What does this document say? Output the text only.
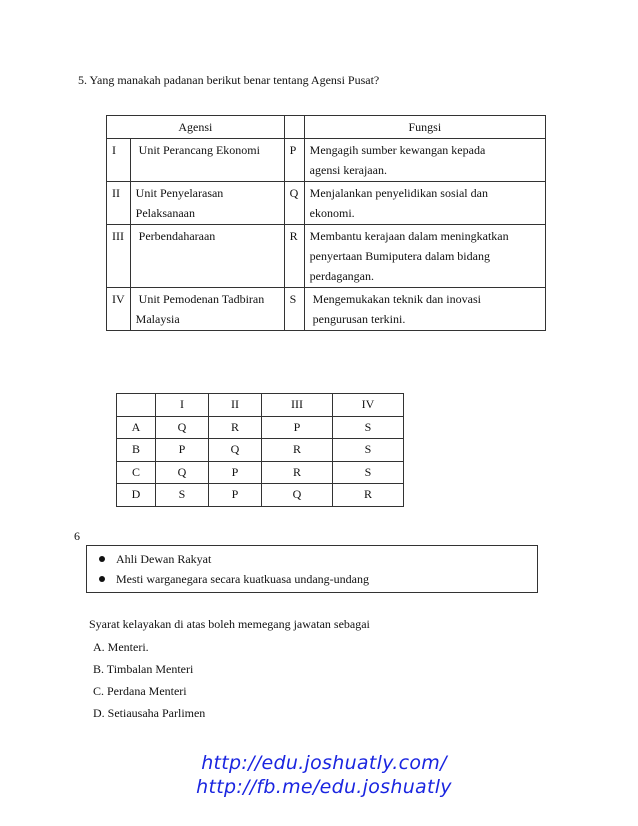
5. Yang manakah padanan berikut benar tentang Agensi Pusat?
Agensi			Fungsi
I	Unit Perancang Ekonomi	P	Mengagih sumber kewangan kepada
agensi kerajaan.
II	Unit Penyelarasan
Pelaksanaan	Q	Menjalankan penyelidikan sosial dan
ekonomi.
III	Perbendaharaan	R	Membantu kerajaan dalam meningkatkan
penyertaan Bumiputera dalam bidang
perdagangan.
IV	Unit Pemodenan Tadbiran
Malaysia	S	Mengemukakan teknik dan inovasi
pengurusan terkini.
	I	II	III	IV
A	Q	R	P	S
B	P	Q	R	S
C	Q	P	R	S
D	S	P	Q	R
6
Ahli Dewan Rakyat
Mesti warganegara secara kuatkuasa undang-undang
Syarat kelayakan di atas boleh memegang jawatan sebagai
A. Menteri.
B. Timbalan Menteri
C. Perdana Menteri
D. Setiausaha Parlimen
http://edu.joshuatly.com/
http://fb.me/edu.joshuatly
